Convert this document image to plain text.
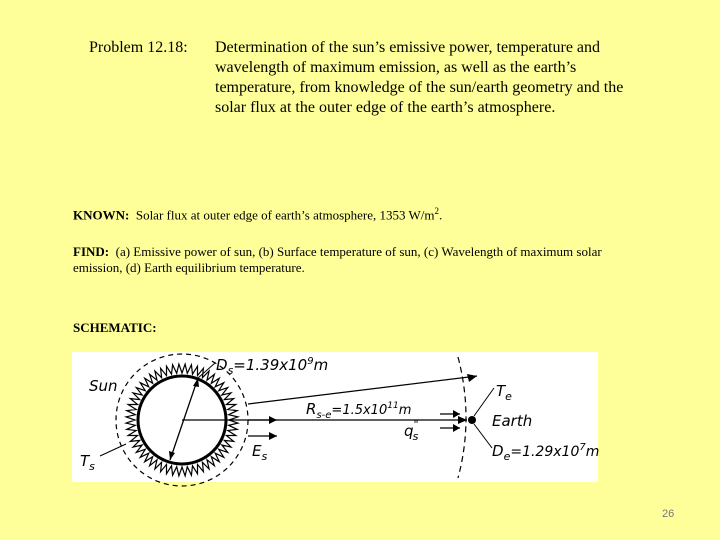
Problem 12.18: Determination of the sun’s emissive power, temperature and wavelength of maximum emission, as well as the earth’s temperature, from knowledge of the sun/earth geometry and the solar flux at the outer edge of the earth’s atmosphere.
KNOWN: Solar flux at outer edge of earth’s atmosphere, 1353 $W/m^2$.
FIND: (a) Emissive power of sun, (b) Surface temperature of sun, (c) Wavelength of maximum solar emission, (d) Earth equilibrium temperature.
SCHEMATIC:
Sun
$D_s=1.39x10^9m$
$T_s$
$E_s$
$R_{s-e}=1.5x10^{11}m$
q" s
$T_e$
Earth
$D_e=1.29x10^7m$
26
